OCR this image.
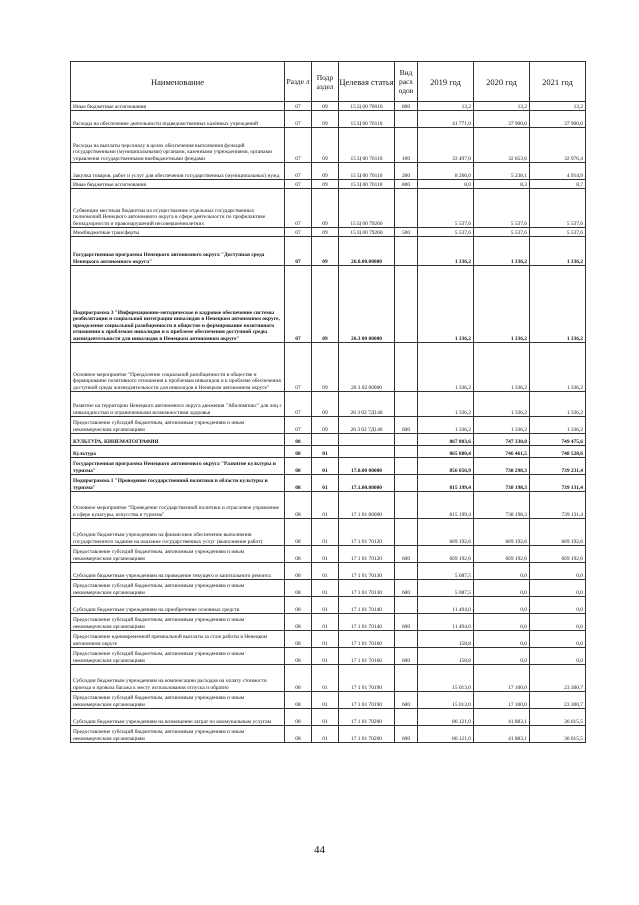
Наименование	Разде л	Подр аздел	Целевая статья	Вид расх одов	2019 год	2020 год	2021 год
Иные бюджетные ассигнования	07	09	15 Ц 00 70010	800	13,2	13,2	13,2
Расходы на обеспечение деятельности подведомственных казённых учреждений	07	09	15 Ц 00 70110		41 771,0	37 900,0	37 900,0
Расходы на выплаты персоналу в целях обеспечения выполнения функций государственными (муниципальными) органами, казенными учреждениями, органами управления государственными внебюджетными фондами	07	09	15 Ц 00 70110	100	33 497,0	32 653,6	32 976,4
Закупка товаров, работ и услуг для обеспечения государственных (муниципальных) нужд	07	09	15 Ц 00 70110	200	8 266,0	5 238,1	4 914,9
Иные бюджетные ассигнования	07	09	15 Ц 00 70110	800	8,0	8,3	8,7
Субвенции местным бюджетам на осуществление отдельных государственных полномочий Ненецкого автономного округа в сфере деятельности по профилактике безнадзорности и правонарушений несовершеннолетних	07	09	15 Ц 00 79260		5 537,6	5 537,6	5 537,6
Межбюджетные трансферты	07	09	15 Ц 00 79260	500	5 537,6	5 537,6	5 537,6
Государственная программа Ненецкого автономного округа "Доступная среда Ненецкого автономного округа"	07	09	26.0.00.00000		1 336,2	1 336,2	1 336,2
Подпрограмма 3 "Информационно-методическое и кадровое обеспечение системы реабилитации и социальной интеграции инвалидов в Ненецком автономном округе, преодоление социальной разобщенности в обществе и формирование позитивного отношения к проблемам инвалидов и к проблеме обеспечения доступной среды жизнедеятельности для инвалидов в Ненецком автономном округе"	07	09	26.3 00 00000		1 336,2	1 336,2	1 336,2
Основное мероприятие "Преодоление социальной разобщенности в обществе и формирование позитивного отношения к проблемам инвалидов и к проблеме обеспечения доступной среды жизнедеятельности для инвалидов в Ненецком автономном округе"	07	09	26 3 02 00000		1 336,2	1 336,2	1 336,2
Развитие на территории Ненецкого автономного округа движения "Абилимпикс" для лиц с инвалидностью и ограниченными возможностями здоровья	07	09	26 3 02 7Д140		1 336,2	1 336,2	1 336,2
Предоставление субсидий бюджетным, автономным учреждениям и иным некоммерческим организациям	07	09	26 3 02 7Д140	600	1 336,2	1 336,2	1 336,2
КУЛЬТУРА, КИНЕМАТОГРАФИЯ	08				867 803,6	747 330,8	749 475,6
Культура	08	01			865 880,4	746 461,5	748 528,6
Государственная программа Ненецкого автономного округа "Развитие культуры и туризма"	08	01	17.0.00 00000		856 056,9	738 298,3	739 231,4
Подпрограмма 1 "Проведение государственной политики в области культуры и туризма"	08	01	17.1.00.00000		815 199,4	738 198,3	739 131,4
Основное мероприятие "Проведение государственной политики и отраслевое управление в сфере культуры, искусства и туризма"	08	01	17 1 01 00000		815 199,4	738 198,3	739 131,4
Субсидии бюджетным учреждениям на финансовое обеспечение выполнения государственного задания на оказание государственных услуг (выполнение работ)	08	01	17 1 01 70120		669 192,6	669 192,6	669 192,6
Предоставление субсидий бюджетным, автономным учреждениям и иным некоммерческим организациям	08	01	17 1 01 70120	600	669 192,6	669 192,6	669 192,6
Субсидии бюджетным учреждениям на проведение текущего и капитального ремонта	08	01	17 1 01 70130		5 087,5	0,0	0,0
Предоставление субсидий бюджетным, автономным учреждениям и иным некоммерческим организациям	08	01	17 1 01 70130	600	5 087,5	0,0	0,0
Субсидии бюджетным учреждениям на приобретение основных средств	08	01	17 1 01 70140		11 494,0	0,0	0,0
Предоставление субсидий бюджетным, автономным учреждениям и иным некоммерческим организациям	08	01	17 1 01 70140	600	11 494,0	0,0	0,0
Предоставление единовременной премиальной выплаты за стаж работы в Ненецком автономном округе	08	01	17 1 01 70160		158,8	0,0	0,0
Предоставление субсидий бюджетным, автономным учреждениям и иным некоммерческим организациям	08	01	17 1 01 70160	600	158,8	0,0	0,0
Субсидии бюджетным учреждениям на компенсацию расходов на оплату стоимости проезда и провоза багажа к месту использования отпуска и обратно	08	01	17 1 01 70190		15 013,0	17 100,0	23 300,7
Предоставление субсидий бюджетным, автономным учреждениям и иным некоммерческим организациям	08	01	17 1 01 70190	600	15 013,0	17 100,0	23 300,7
Субсидии бюджетным учреждениям на возмещение затрат по коммунальным услугам	08	01	17 1 01 70200		86 121,0	41 883,1	36 615,5
Предоставление субсидий бюджетным, автономным учреждениям и иным некоммерческим организациям	08	01	17 1 01 70200	600	86 121,0	41 883,1	36 615,5
44
